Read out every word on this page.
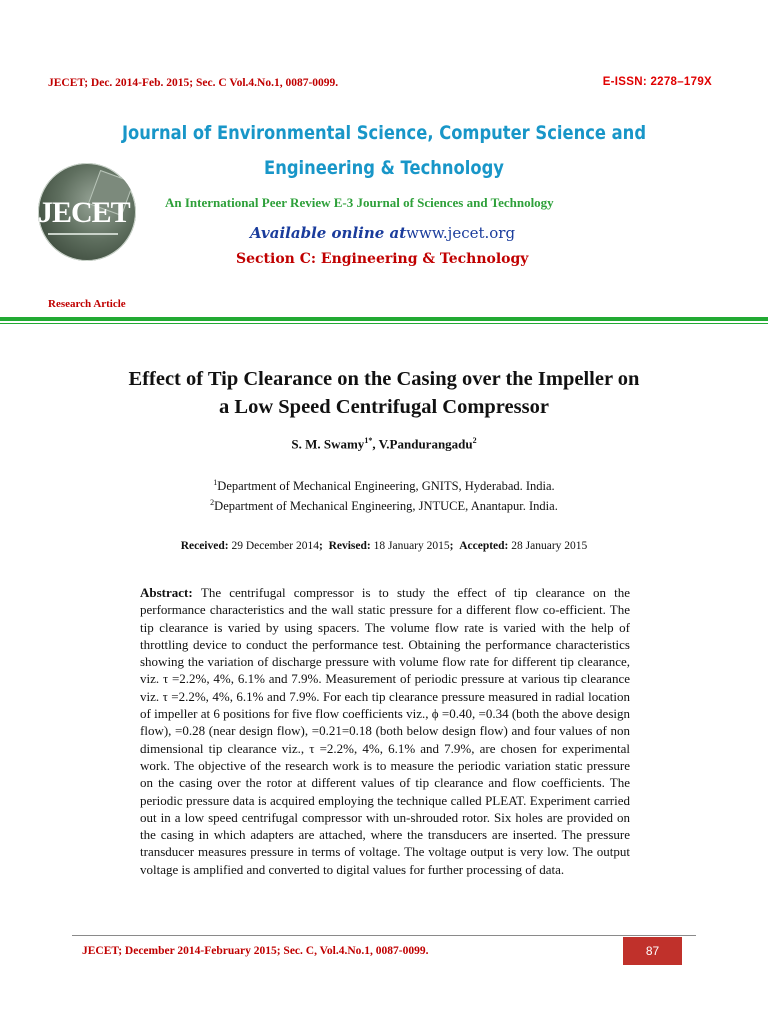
JECET; Dec. 2014-Feb. 2015; Sec. C Vol.4.No.1, 0087-0099.	E-ISSN: 2278–179X
JECET
Journal of Environmental Science, Computer Science and
Engineering & Technology
An International Peer Review E-3 Journal of Sciences and Technology
Available online atwww.jecet.org
Section C: Engineering & Technology
Research Article
Effect of Tip Clearance on the Casing over the Impeller on
a Low Speed Centrifugal Compressor
S. M. Swamy$^{1*}$, V.Pandurangadu$^2$
$^1$Department of Mechanical Engineering, GNITS, Hyderabad. India.
$^2$Department of Mechanical Engineering, JNTUCE, Anantapur. India.
Received: 29 December 2014; Revised: 18 January 2015; Accepted: 28 January 2015
Abstract: The centrifugal compressor is to study the effect of tip clearance on the performance characteristics and the wall static pressure for a different flow co-efficient. The tip clearance is varied by using spacers. The volume flow rate is varied with the help of throttling device to conduct the performance test. Obtaining the performance characteristics showing the variation of discharge pressure with volume flow rate for different tip clearance, viz. τ =2.2%, 4%, 6.1% and 7.9%. Measurement of periodic pressure at various tip clearance viz. τ =2.2%, 4%, 6.1% and 7.9%. For each tip clearance pressure measured in radial location of impeller at 6 positions for five flow coefficients viz., ϕ =0.40, =0.34 (both the above design flow), =0.28 (near design flow), =0.21=0.18 (both below design flow) and four values of non dimensional tip clearance viz., τ =2.2%, 4%, 6.1% and 7.9%, are chosen for experimental work. The objective of the research work is to measure the periodic variation static pressure on the casing over the rotor at different values of tip clearance and flow coefficients. The periodic pressure data is acquired employing the technique called PLEAT. Experiment carried out in a low speed centrifugal compressor with un-shrouded rotor. Six holes are provided on the casing in which adapters are attached, where the transducers are inserted. The pressure transducer measures pressure in terms of voltage. The voltage output is very low. The output voltage is amplified and converted to digital values for further processing of data.
JECET; December 2014-February 2015; Sec. C, Vol.4.No.1, 0087-0099.	87
